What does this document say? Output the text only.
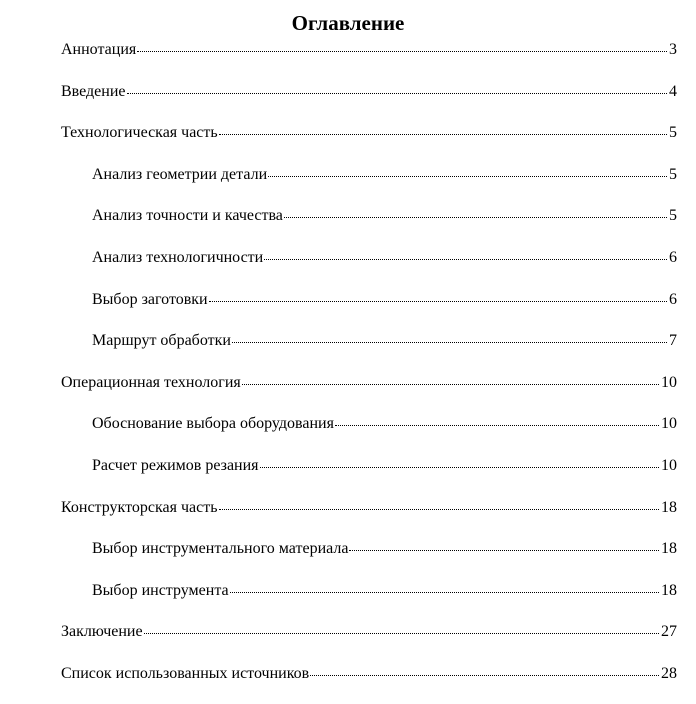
Оглавление
Аннотация	3
Введение	4
Технологическая часть	5
Анализ геометрии детали	5
Анализ точности и качества	5
Анализ технологичности	6
Выбор заготовки	6
Маршрут обработки	7
Операционная технология	10
Обоснование выбора оборудования	10
Расчет режимов резания	10
Конструкторская часть	18
Выбор инструментального материала	18
Выбор инструмента	18
Заключение	27
Список использованных источников	28
